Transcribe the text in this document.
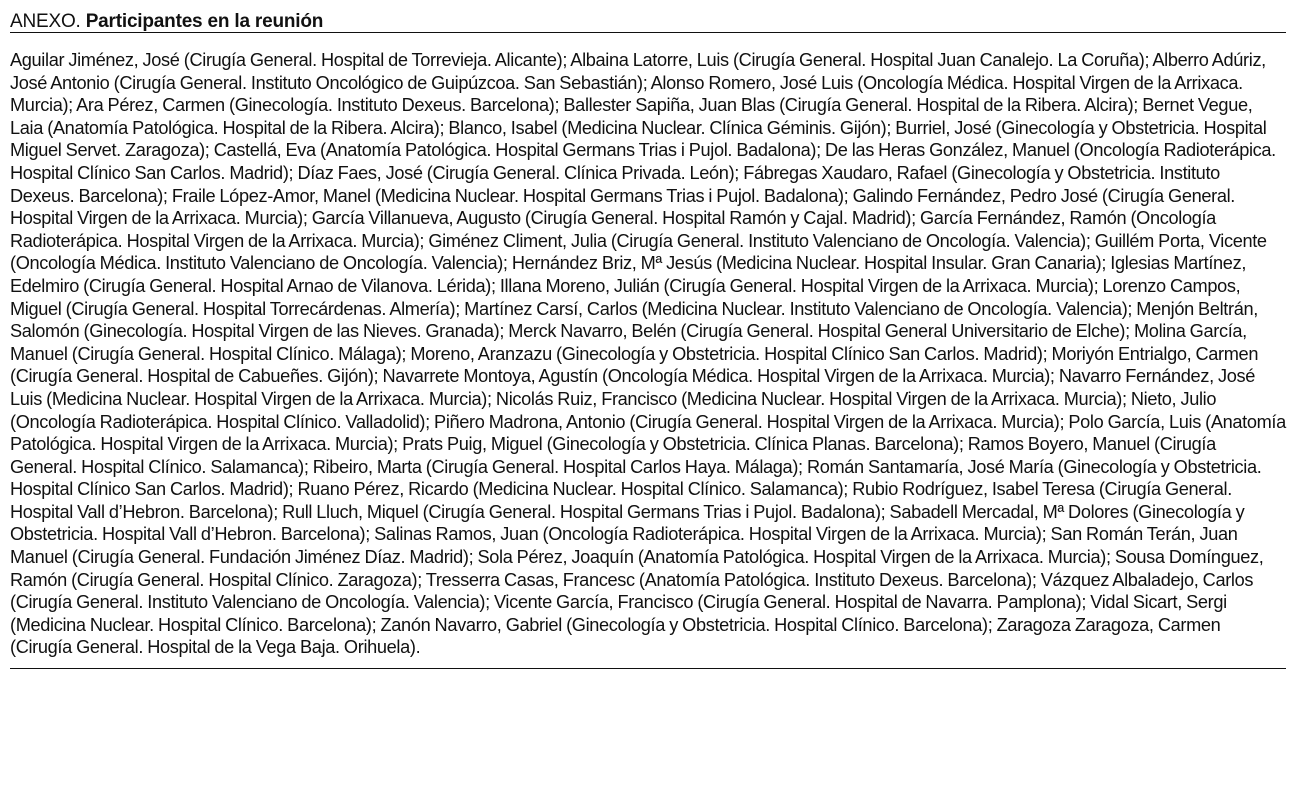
ANEXO. Participantes en la reunión
Aguilar Jiménez, José (Cirugía General. Hospital de Torrevieja. Alicante); Albaina Latorre, Luis (Cirugía General. Hospital Juan Canalejo. La Coruña); Alberro Adúriz, José Antonio (Cirugía General. Instituto Oncológico de Guipúzcoa. San Sebastián); Alonso Romero, José Luis (Oncología Médica. Hospital Virgen de la Arrixaca. Murcia); Ara Pérez, Carmen (Ginecología. Instituto Dexeus. Barcelona); Ballester Sapiña, Juan Blas (Cirugía General. Hospital de la Ribera. Alcira); Bernet Vegue, Laia (Anatomía Patológica. Hospital de la Ribera. Alcira); Blanco, Isabel (Medicina Nuclear. Clínica Géminis. Gijón); Burriel, José (Ginecología y Obstetricia. Hospital Miguel Servet. Zaragoza); Castellá, Eva (Anatomía Patológica. Hospital Germans Trias i Pujol. Badalona); De las Heras González, Manuel (Oncología Radioterápica. Hospital Clínico San Carlos. Madrid); Díaz Faes, José (Cirugía General. Clínica Privada. León); Fábregas Xaudaro, Rafael (Ginecología y Obstetricia. Instituto Dexeus. Barcelona); Fraile López-Amor, Manel (Medicina Nuclear. Hospital Germans Trias i Pujol. Badalona); Galindo Fernández, Pedro José (Cirugía General. Hospital Virgen de la Arrixaca. Murcia); García Villanueva, Augusto (Cirugía General. Hospital Ramón y Cajal. Madrid); García Fernández, Ramón (Oncología Radioterápica. Hospital Virgen de la Arrixaca. Murcia); Giménez Climent, Julia (Cirugía General. Instituto Valenciano de Oncología. Valencia); Guillém Porta, Vicente (Oncología Médica. Instituto Valenciano de Oncología. Valencia); Hernández Briz, Mª Jesús (Medicina Nuclear. Hospital Insular. Gran Canaria); Iglesias Martínez, Edelmiro (Cirugía General. Hospital Arnao de Vilanova. Lérida); Illana Moreno, Julián (Cirugía General. Hospital Virgen de la Arrixaca. Murcia); Lorenzo Campos, Miguel (Cirugía General. Hospital Torrecárdenas. Almería); Martínez Carsí, Carlos (Medicina Nuclear. Instituto Valenciano de Oncología. Valencia); Menjón Beltrán, Salomón (Ginecología. Hospital Virgen de las Nieves. Granada); Merck Navarro, Belén (Cirugía General. Hospital General Universitario de Elche); Molina García, Manuel (Cirugía General. Hospital Clínico. Málaga); Moreno, Aranzazu (Ginecología y Obstetricia. Hospital Clínico San Carlos. Madrid); Moriyón Entrialgo, Carmen (Cirugía General. Hospital de Cabueñes. Gijón); Navarrete Montoya, Agustín (Oncología Médica. Hospital Virgen de la Arrixaca. Murcia); Navarro Fernández, José Luis (Medicina Nuclear. Hospital Virgen de la Arrixaca. Murcia); Nicolás Ruiz, Francisco (Medicina Nuclear. Hospital Virgen de la Arrixaca. Murcia); Nieto, Julio (Oncología Radioterápica. Hospital Clínico. Valladolid); Piñero Madrona, Antonio (Cirugía General. Hospital Virgen de la Arrixaca. Murcia); Polo García, Luis (Anatomía Patológica. Hospital Virgen de la Arrixaca. Murcia); Prats Puig, Miguel (Ginecología y Obstetricia. Clínica Planas. Barcelona); Ramos Boyero, Manuel (Cirugía General. Hospital Clínico. Salamanca); Ribeiro, Marta (Cirugía General. Hospital Carlos Haya. Málaga); Román Santamaría, José María (Ginecología y Obstetricia. Hospital Clínico San Carlos. Madrid); Ruano Pérez, Ricardo (Medicina Nuclear. Hospital Clínico. Salamanca); Rubio Rodríguez, Isabel Teresa (Cirugía General. Hospital Vall d’Hebron. Barcelona); Rull Lluch, Miquel (Cirugía General. Hospital Germans Trias i Pujol. Badalona); Sabadell Mercadal, Mª Dolores (Ginecología y Obstetricia. Hospital Vall d’Hebron. Barcelona); Salinas Ramos, Juan (Oncología Radioterápica. Hospital Virgen de la Arrixaca. Murcia); San Román Terán, Juan Manuel (Cirugía General. Fundación Jiménez Díaz. Madrid); Sola Pérez, Joaquín (Anatomía Patológica. Hospital Virgen de la Arrixaca. Murcia); Sousa Domínguez, Ramón (Cirugía General. Hospital Clínico. Zaragoza); Tresserra Casas, Francesc (Anatomía Patológica. Instituto Dexeus. Barcelona); Vázquez Albaladejo, Carlos (Cirugía General. Instituto Valenciano de Oncología. Valencia); Vicente García, Francisco (Cirugía General. Hospital de Navarra. Pamplona); Vidal Sicart, Sergi (Medicina Nuclear. Hospital Clínico. Barcelona); Zanón Navarro, Gabriel (Ginecología y Obstetricia. Hospital Clínico. Barcelona); Zaragoza Zaragoza, Carmen (Cirugía General. Hospital de la Vega Baja. Orihuela).
